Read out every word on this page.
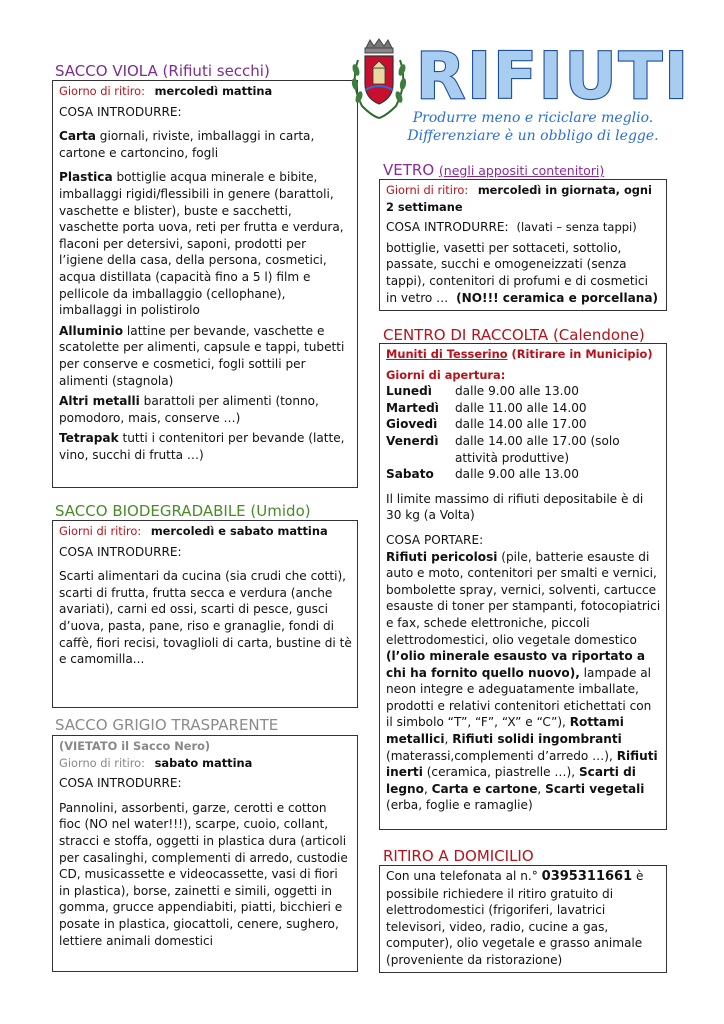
SACCO VIOLA (Rifiuti secchi)

Giorno di ritiro: mercoledì mattina

COSA INTRODURRE:

Carta giornali, riviste, imballaggi in carta, cartone e cartoncino, fogli

Plastica bottiglie acqua minerale e bibite, imballaggi rigidi/flessibili in genere (barattoli, vaschette e blister), buste e sacchetti, vaschette porta uova, reti per frutta e verdura, flaconi per detersivi, saponi, prodotti per l’igiene della casa, della persona, cosmetici, acqua distillata (capacità fino a 5 l) film e pellicole da imballaggio (cellophane), imballaggi in polistirolo

Alluminio lattine per bevande, vaschette e scatolette per alimenti, capsule e tappi, tubetti per conserve e cosmetici, fogli sottili per alimenti (stagnola)

Altri metalli barattoli per alimenti (tonno, pomodoro, mais, conserve …)

Tetrapak tutti i contenitori per bevande (latte, vino, succhi di frutta …)

SACCO BIODEGRADABILE (Umido)

Giorni di ritiro: mercoledì e sabato mattina

COSA INTRODURRE:

Scarti alimentari da cucina (sia crudi che cotti), scarti di frutta, frutta secca e verdura (anche avariati), carni ed ossi, scarti di pesce, gusci d’uova, pasta, pane, riso e granaglie, fondi di caffè, fiori recisi, tovaglioli di carta, bustine di tè e camomilla...

SACCO GRIGIO TRASPARENTE

(VIETATO il Sacco Nero)

Giorno di ritiro: sabato mattina

COSA INTRODURRE:

Pannolini, assorbenti, garze, cerotti e cotton fioc (NO nel water!!!), scarpe, cuoio, collant, stracci e stoffa, oggetti in plastica dura (articoli per casalinghi, complementi di arredo, custodie CD, musicassette e videocassette, vasi di fiori in plastica), borse, zainetti e simili, oggetti in gomma, grucce appendiabiti, piatti, bicchieri e posate in plastica, giocattoli, cenere, sughero, lettiere animali domestici

RIFIUTI

Produrre meno e riciclare meglio.

Differenziare è un obbligo di legge.

VETRO (negli appositi contenitori)

Giorni di ritiro: mercoledì in giornata, ogni 2 settimane

COSA INTRODURRE: (lavati – senza tappi)

bottiglie, vasetti per sottaceti, sottolio, passate, succhi e omogeneizzati (senza tappi), contenitori di profumi e di cosmetici in vetro … (NO!!! ceramica e porcellana)

CENTRO DI RACCOLTA (Calendone)

Muniti di Tesserino (Ritirare in Municipio)

Giorni di apertura:

Lunedì	dalle 9.00 alle 13.00
Martedì	dalle 11.00 alle 14.00
Giovedì	dalle 14.00 alle 17.00
Venerdì	dalle 14.00 alle 17.00 (solo attività produttive)
Sabato	dalle 9.00 alle 13.00

Il limite massimo di rifiuti depositabile è di 30 kg (a Volta)

COSA PORTARE:

Rifiuti pericolosi (pile, batterie esauste di auto e moto, contenitori per smalti e vernici, bombolette spray, vernici, solventi, cartucce esauste di toner per stampanti, fotocopiatrici e fax, schede elettroniche, piccoli elettrodomestici, olio vegetale domestico (l’olio minerale esausto va riportato a chi ha fornito quello nuovo), lampade al neon integre e adeguatamente imballate, prodotti e relativi contenitori etichettati con il simbolo “T”, “F”, “X” e “C”), Rottami metallici, Rifiuti solidi ingombranti (materassi,complementi d’arredo …), Rifiuti inerti (ceramica, piastrelle …), Scarti di legno, Carta e cartone, Scarti vegetali (erba, foglie e ramaglie)

RITIRO A DOMICILIO

Con una telefonata al n.° 0395311661 è possibile richiedere il ritiro gratuito di elettrodomestici (frigoriferi, lavatrici televisori, video, radio, cucine a gas, computer), olio vegetale e grasso animale (proveniente da ristorazione)
